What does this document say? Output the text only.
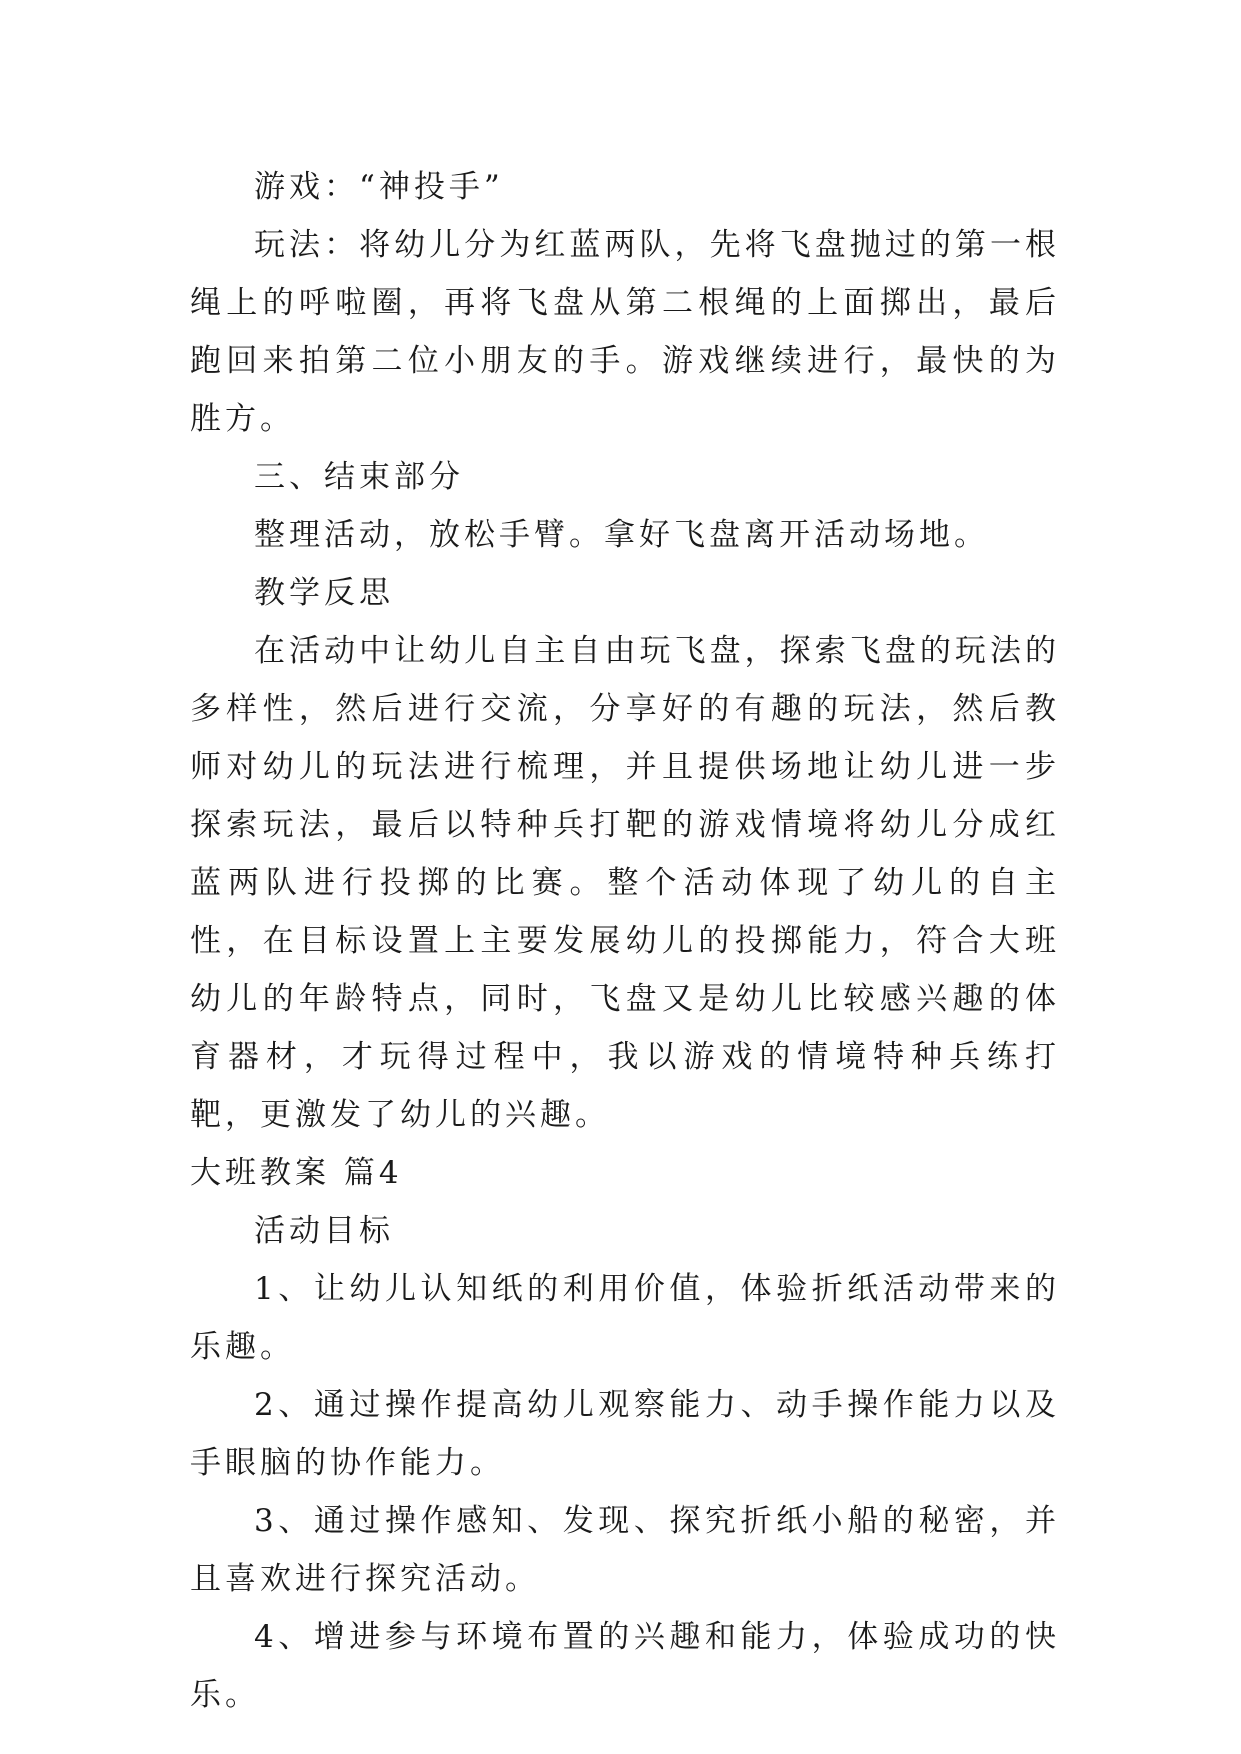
游戏：“神投手”

玩法：将幼儿分为红蓝两队，先将飞盘抛过的第一根绳上的呼啦圈，再将飞盘从第二根绳的上面掷出，最后跑回来拍第二位小朋友的手。游戏继续进行，最快的为胜方。

三、结束部分

整理活动，放松手臂。拿好飞盘离开活动场地。

教学反思

在活动中让幼儿自主自由玩飞盘，探索飞盘的玩法的多样性，然后进行交流，分享好的有趣的玩法，然后教师对幼儿的玩法进行梳理，并且提供场地让幼儿进一步探索玩法，最后以特种兵打靶的游戏情境将幼儿分成红蓝两队进行投掷的比赛。整个活动体现了幼儿的自主性，在目标设置上主要发展幼儿的投掷能力，符合大班幼儿的年龄特点，同时，飞盘又是幼儿比较感兴趣的体育器材，才玩得过程中，我以游戏的情境特种兵练打靶，更激发了幼儿的兴趣。

大班教案 篇4

活动目标

1、让幼儿认知纸的利用价值，体验折纸活动带来的乐趣。

2、通过操作提高幼儿观察能力、动手操作能力以及手眼脑的协作能力。

3、通过操作感知、发现、探究折纸小船的秘密，并且喜欢进行探究活动。

4、增进参与环境布置的兴趣和能力，体验成功的快乐。
